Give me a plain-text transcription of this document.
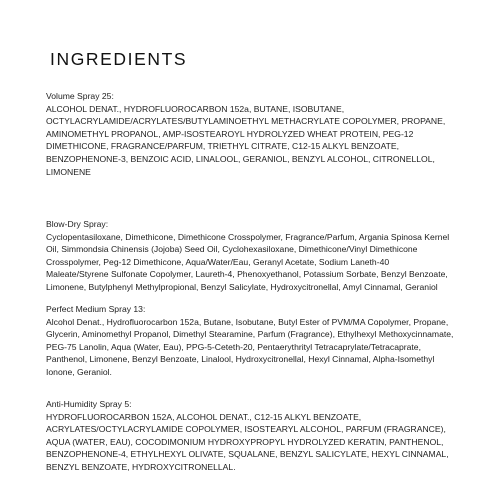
INGREDIENTS

Volume Spray 25:

ALCOHOL DENAT., HYDROFLUOROCARBON 152a, BUTANE, ISOBUTANE, OCTYLACRYLAMIDE/ACRYLATES/BUTYLAMINOETHYL METHACRYLATE COPOLYMER, PROPANE, AMINOMETHYL PROPANOL, AMP-ISOSTEAROYL HYDROLYZED WHEAT PROTEIN, PEG-12 DIMETHICONE, FRAGRANCE/PARFUM, TRIETHYL CITRATE, C12-15 ALKYL BENZOATE, BENZOPHENONE-3, BENZOIC ACID, LINALOOL, GERANIOL, BENZYL ALCOHOL, CITRONELLOL, LIMONENE

Blow-Dry Spray:

Cyclopentasiloxane, Dimethicone, Dimethicone Crosspolymer, Fragrance/Parfum, Argania Spinosa Kernel Oil, Simmondsia Chinensis (Jojoba) Seed Oil, Cyclohexasiloxane, Dimethicone/Vinyl Dimethicone Crosspolymer, Peg-12 Dimethicone, Aqua/Water/Eau, Geranyl Acetate, Sodium Laneth-40

Maleate/Styrene Sulfonate Copolymer, Laureth-4, Phenoxyethanol, Potassium Sorbate, Benzyl Benzoate, Limonene, Butylphenyl Methylpropional, Benzyl Salicylate, Hydroxycitronellal, Amyl Cinnamal, Geraniol

Perfect Medium Spray 13:

Alcohol Denat., Hydrofluorocarbon 152a, Butane, Isobutane, Butyl Ester of PVM/MA Copolymer, Propane, Glycerin, Aminomethyl Propanol, Dimethyl Stearamine, Parfum (Fragrance), Ethylhexyl Methoxycinnamate, PEG-75 Lanolin, Aqua (Water, Eau), PPG-5-Ceteth-20, Pentaerythrityl Tetracaprylate/Tetracaprate, Panthenol, Limonene, Benzyl Benzoate, Linalool, Hydroxycitronellal, Hexyl Cinnamal, Alpha-Isomethyl Ionone, Geraniol.

Anti-Humidity Spray 5:

HYDROFLUOROCARBON 152A, ALCOHOL DENAT., C12-15 ALKYL BENZOATE, ACRYLATES/OCTYLACRYLAMIDE COPOLYMER, ISOSTEARYL ALCOHOL, PARFUM (FRAGRANCE), AQUA (WATER, EAU), COCODIMONIUM HYDROXYPROPYL HYDROLYZED KERATIN, PANTHENOL, BENZOPHENONE-4, ETHYLHEXYL OLIVATE, SQUALANE, BENZYL SALICYLATE, HEXYL CINNAMAL, BENZYL BENZOATE, HYDROXYCITRONELLAL.
